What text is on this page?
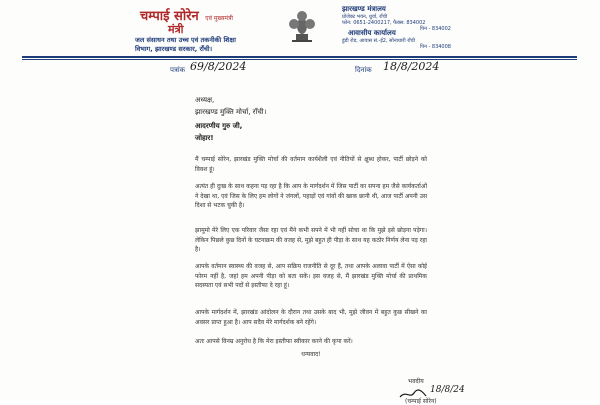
चम्पाई सोरेन एवं मुख्यमंत्री
मंत्री
जल संसाधन तथा उच्च एवं तकनीकी शिक्षा विभाग, झारखण्ड सरकार, राँची।
झारखण्ड मंत्रालय
प्रोजेक्ट भवन, धुर्वा, राँची
फोन: 0651-2400217, फैक्स: 834002
पिन - 834002
आवासीय कार्यालय
डुंडी रोड, आवास सं.-ई2, सोनाधारी राँची
पिन - 834008
पत्रांक 69/8/2024	दिनांक 18/8/2024
अध्यक्ष,
झारखण्ड मुक्ति मोर्चा, राँची।
आदरणीय गुरु जी,
जोहार!
मैं चम्पाई सोरेन, झारखंड मुक्ति मोर्चा की वर्तमान कार्यशैली एवं नीतियों से क्षुब्ध होकर, पार्टी छोड़ने को विवश हूं।
अत्यंत ही दुःख के साथ कहना पड़ रहा है कि आप के मार्गदर्शन में जिस पार्टी का सपना हम जैसे कार्यकर्ताओं ने देखा था, एवं जिस के लिए हम लोगों ने जंगलों, पहाड़ों एवं गांवों की खाक छानी थी, आज पार्टी अपनी उस दिशा से भटक चुकी है।
झामुमो मेरे लिए एक परिवार जैसा रहा एवं मैंने कभी सपने में भी नहीं सोचा था कि मुझे इसे छोड़ना पड़ेगा। लेकिन पिछले कुछ दिनों के घटनाक्रम की वजह से, मुझे बहुत ही पीड़ा के साथ यह कठोर निर्णय लेना पड़ रहा है।
आपके वर्तमान स्वास्थ्य की वजह से, आप सक्रिय राजनीति से दूर हैं, तथा आपके अलावा पार्टी में ऐसा कोई फोरम नहीं है, जहां हम अपनी पीड़ा को बता सकें। इस वजह से, मैं झारखंड मुक्ति मोर्चा की प्राथमिक सदस्यता एवं सभी पदों से इस्तीफा दे रहा हूं।
आपके मार्गदर्शन में, झारखंड आंदोलन के दौरान तथा उसके बाद भी, मुझे जीवन में बहुत कुछ सीखने का अवसर प्राप्त हुआ है। आप सदैव मेरे मार्गदर्शक बने रहेंगे।
अतः आपसे विनम्र अनुरोध है कि मेरा इस्तीफा स्वीकार करने की कृपा करें।
धन्यवाद!
भवदीय
18/8/24
(चम्पाई सोरेन)
